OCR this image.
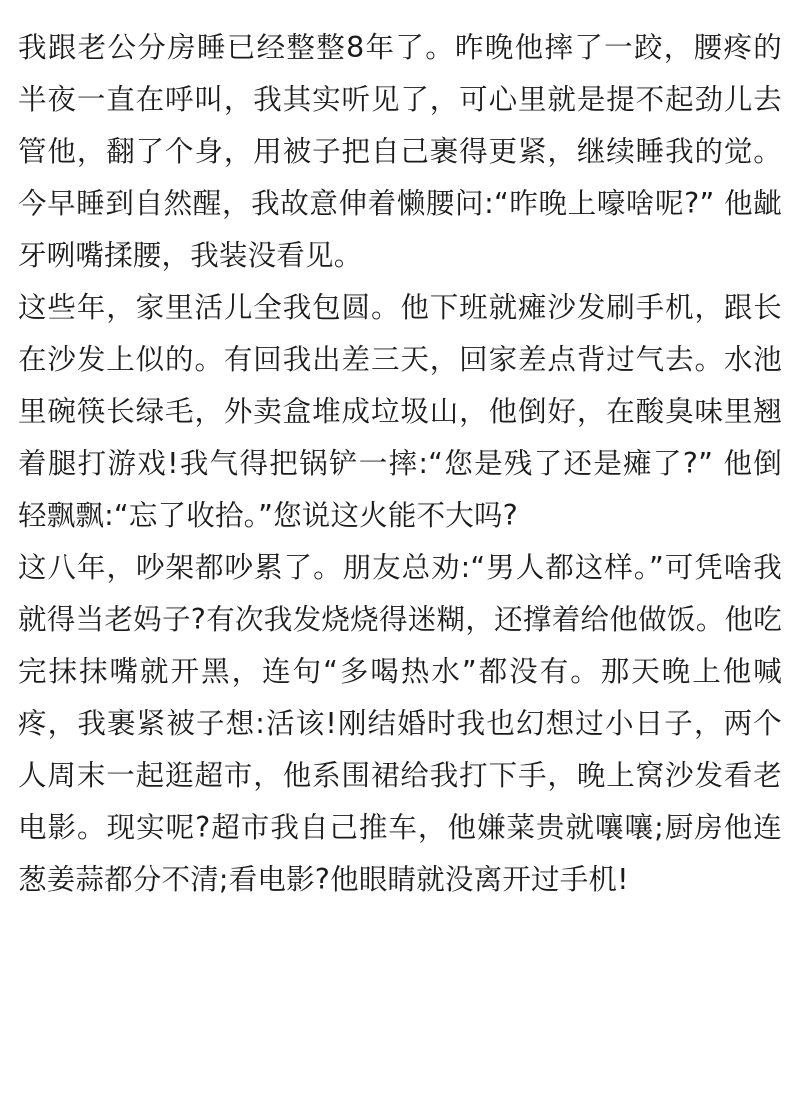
我跟老公分房睡已经整整8年了。昨晚他摔了一跤，腰疼的半夜一直在呼叫，我其实听见了，可心里就是提不起劲儿去管他，翻了个身，用被子把自己裹得更紧，继续睡我的觉。今早睡到自然醒，我故意伸着懒腰问:“昨晚上嚎啥呢?” 他龇牙咧嘴揉腰，我装没看见。

这些年，家里活儿全我包圆。他下班就瘫沙发刷手机，跟长在沙发上似的。有回我出差三天，回家差点背过气去。水池里碗筷长绿毛，外卖盒堆成垃圾山，他倒好，在酸臭味里翘着腿打游戏!我气得把锅铲一摔:“您是残了还是瘫了?” 他倒轻飘飘:“忘了收拾。”您说这火能不大吗?

这八年，吵架都吵累了。朋友总劝:“男人都这样。”可凭啥我就得当老妈子?有次我发烧烧得迷糊，还撑着给他做饭。他吃完抹抹嘴就开黑，连句“多喝热水”都没有。那天晚上他喊疼，我裹紧被子想:活该!刚结婚时我也幻想过小日子，两个人周末一起逛超市，他系围裙给我打下手，晚上窝沙发看老电影。现实呢?超市我自己推车，他嫌菜贵就嚷嚷;厨房他连葱姜蒜都分不清;看电影?他眼睛就没离开过手机!
